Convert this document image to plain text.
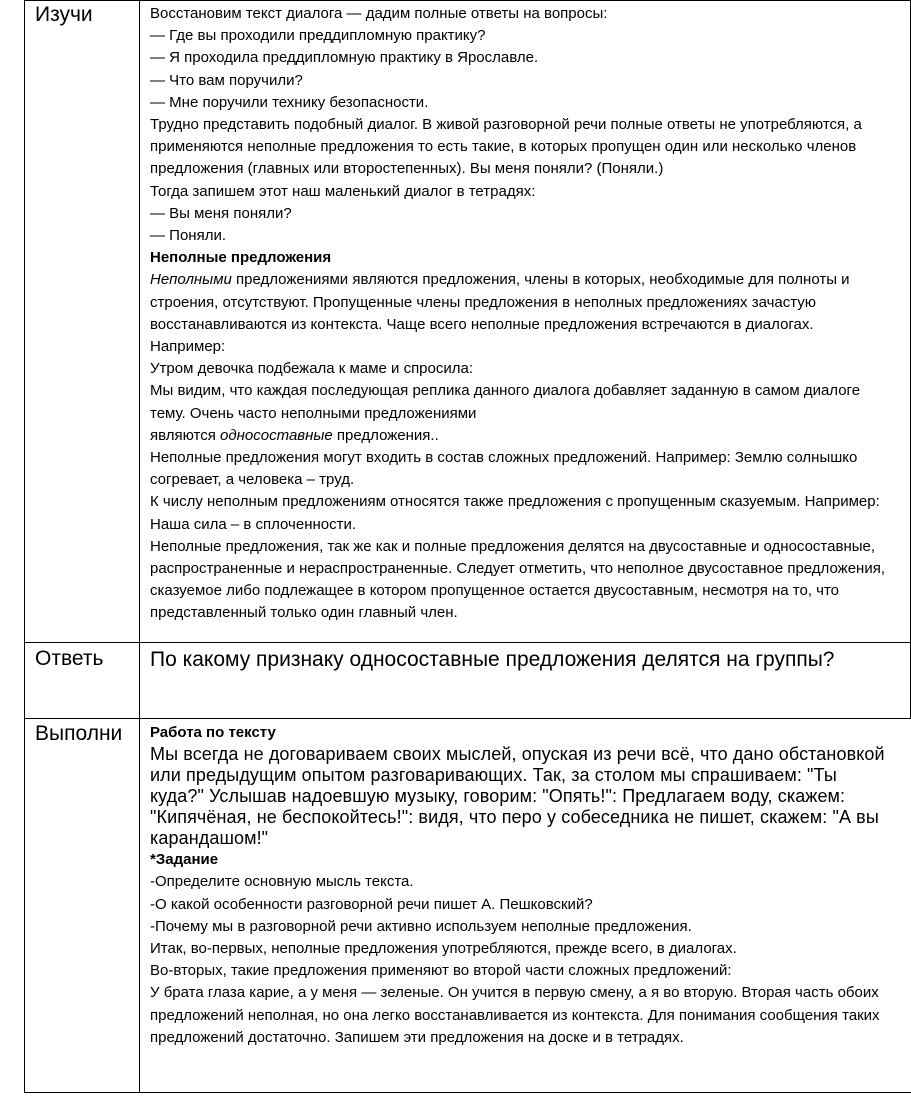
Изучи	Восстановим текст диалога — дадим полные ответы на вопросы:

— Где вы проходили преддипломную практику?

— Я проходила преддипломную практику в Ярославле.

— Что вам поручили?

— Мне поручили технику безопасности.

Трудно представить подобный диалог. В живой разговорной речи полные ответы не употребляются, а применяются неполные предложения то есть такие, в которых пропущен один или несколько членов предложения (главных или второстепенных). Вы меня поняли? (Поняли.)

Тогда запишем этот наш маленький диалог в тетрадях:

— Вы меня поняли?

— Поняли.

Неполные предложения

Неполными предложениями являются предложения, члены в которых, необходимые для полноты и строения, отсутствуют. Пропущенные члены предложения в неполных предложениях зачастую восстанавливаются из контекста. Чаще всего неполные предложения встречаются в диалогах. Например:

Утром девочка подбежала к маме и спросила:

Мы видим, что каждая последующая реплика данного диалога добавляет заданную в самом диалоге тему. Очень часто неполными предложениями

являются односоставные предложения..

Неполные предложения могут входить в состав сложных предложений. Например: Землю солнышко согревает, а человека – труд.

К числу неполным предложениям относятся также предложения с пропущенным сказуемым. Например: Наша сила – в сплоченности.

Неполные предложения, так же как и полные предложения делятся на двусоставные и односоставные, распространенные и нераспространенные. Следует отметить, что неполное двусоставное предложения, сказуемое либо подлежащее в котором пропущенное остается двусоставным, несмотря на то, что представленный только один главный член.

Ответь По какому признаку односоставные предложения делятся на группы?

Выполни	Работа по тексту

Мы всегда не договариваем своих мыслей, опуская из речи всё, что дано обстановкой или предыдущим опытом разговаривающих. Так, за столом мы спрашиваем: "Ты куда?" Услышав надоевшую музыку, говорим: "Опять!": Предлагаем воду, скажем: "Кипячёная, не беспокойтесь!": видя, что перо у собеседника не пишет, скажем: "А вы карандашом!"

*Задание

-Определите основную мысль текста.

-О какой особенности разговорной речи пишет А. Пешковский?

-Почему мы в разговорной речи активно используем неполные предложения.

Итак, во-первых, неполные предложения употребляются, прежде всего, в диалогах.

Во-вторых, такие предложения применяют во второй части сложных предложений:

У брата глаза карие, а у меня — зеленые. Он учится в первую смену, а я во вторую. Вторая часть обоих предложений неполная, но она легко восстанавливается из контекста. Для понимания сообщения таких предложений достаточно. Запишем эти предложения на доске и в тетрадях.
